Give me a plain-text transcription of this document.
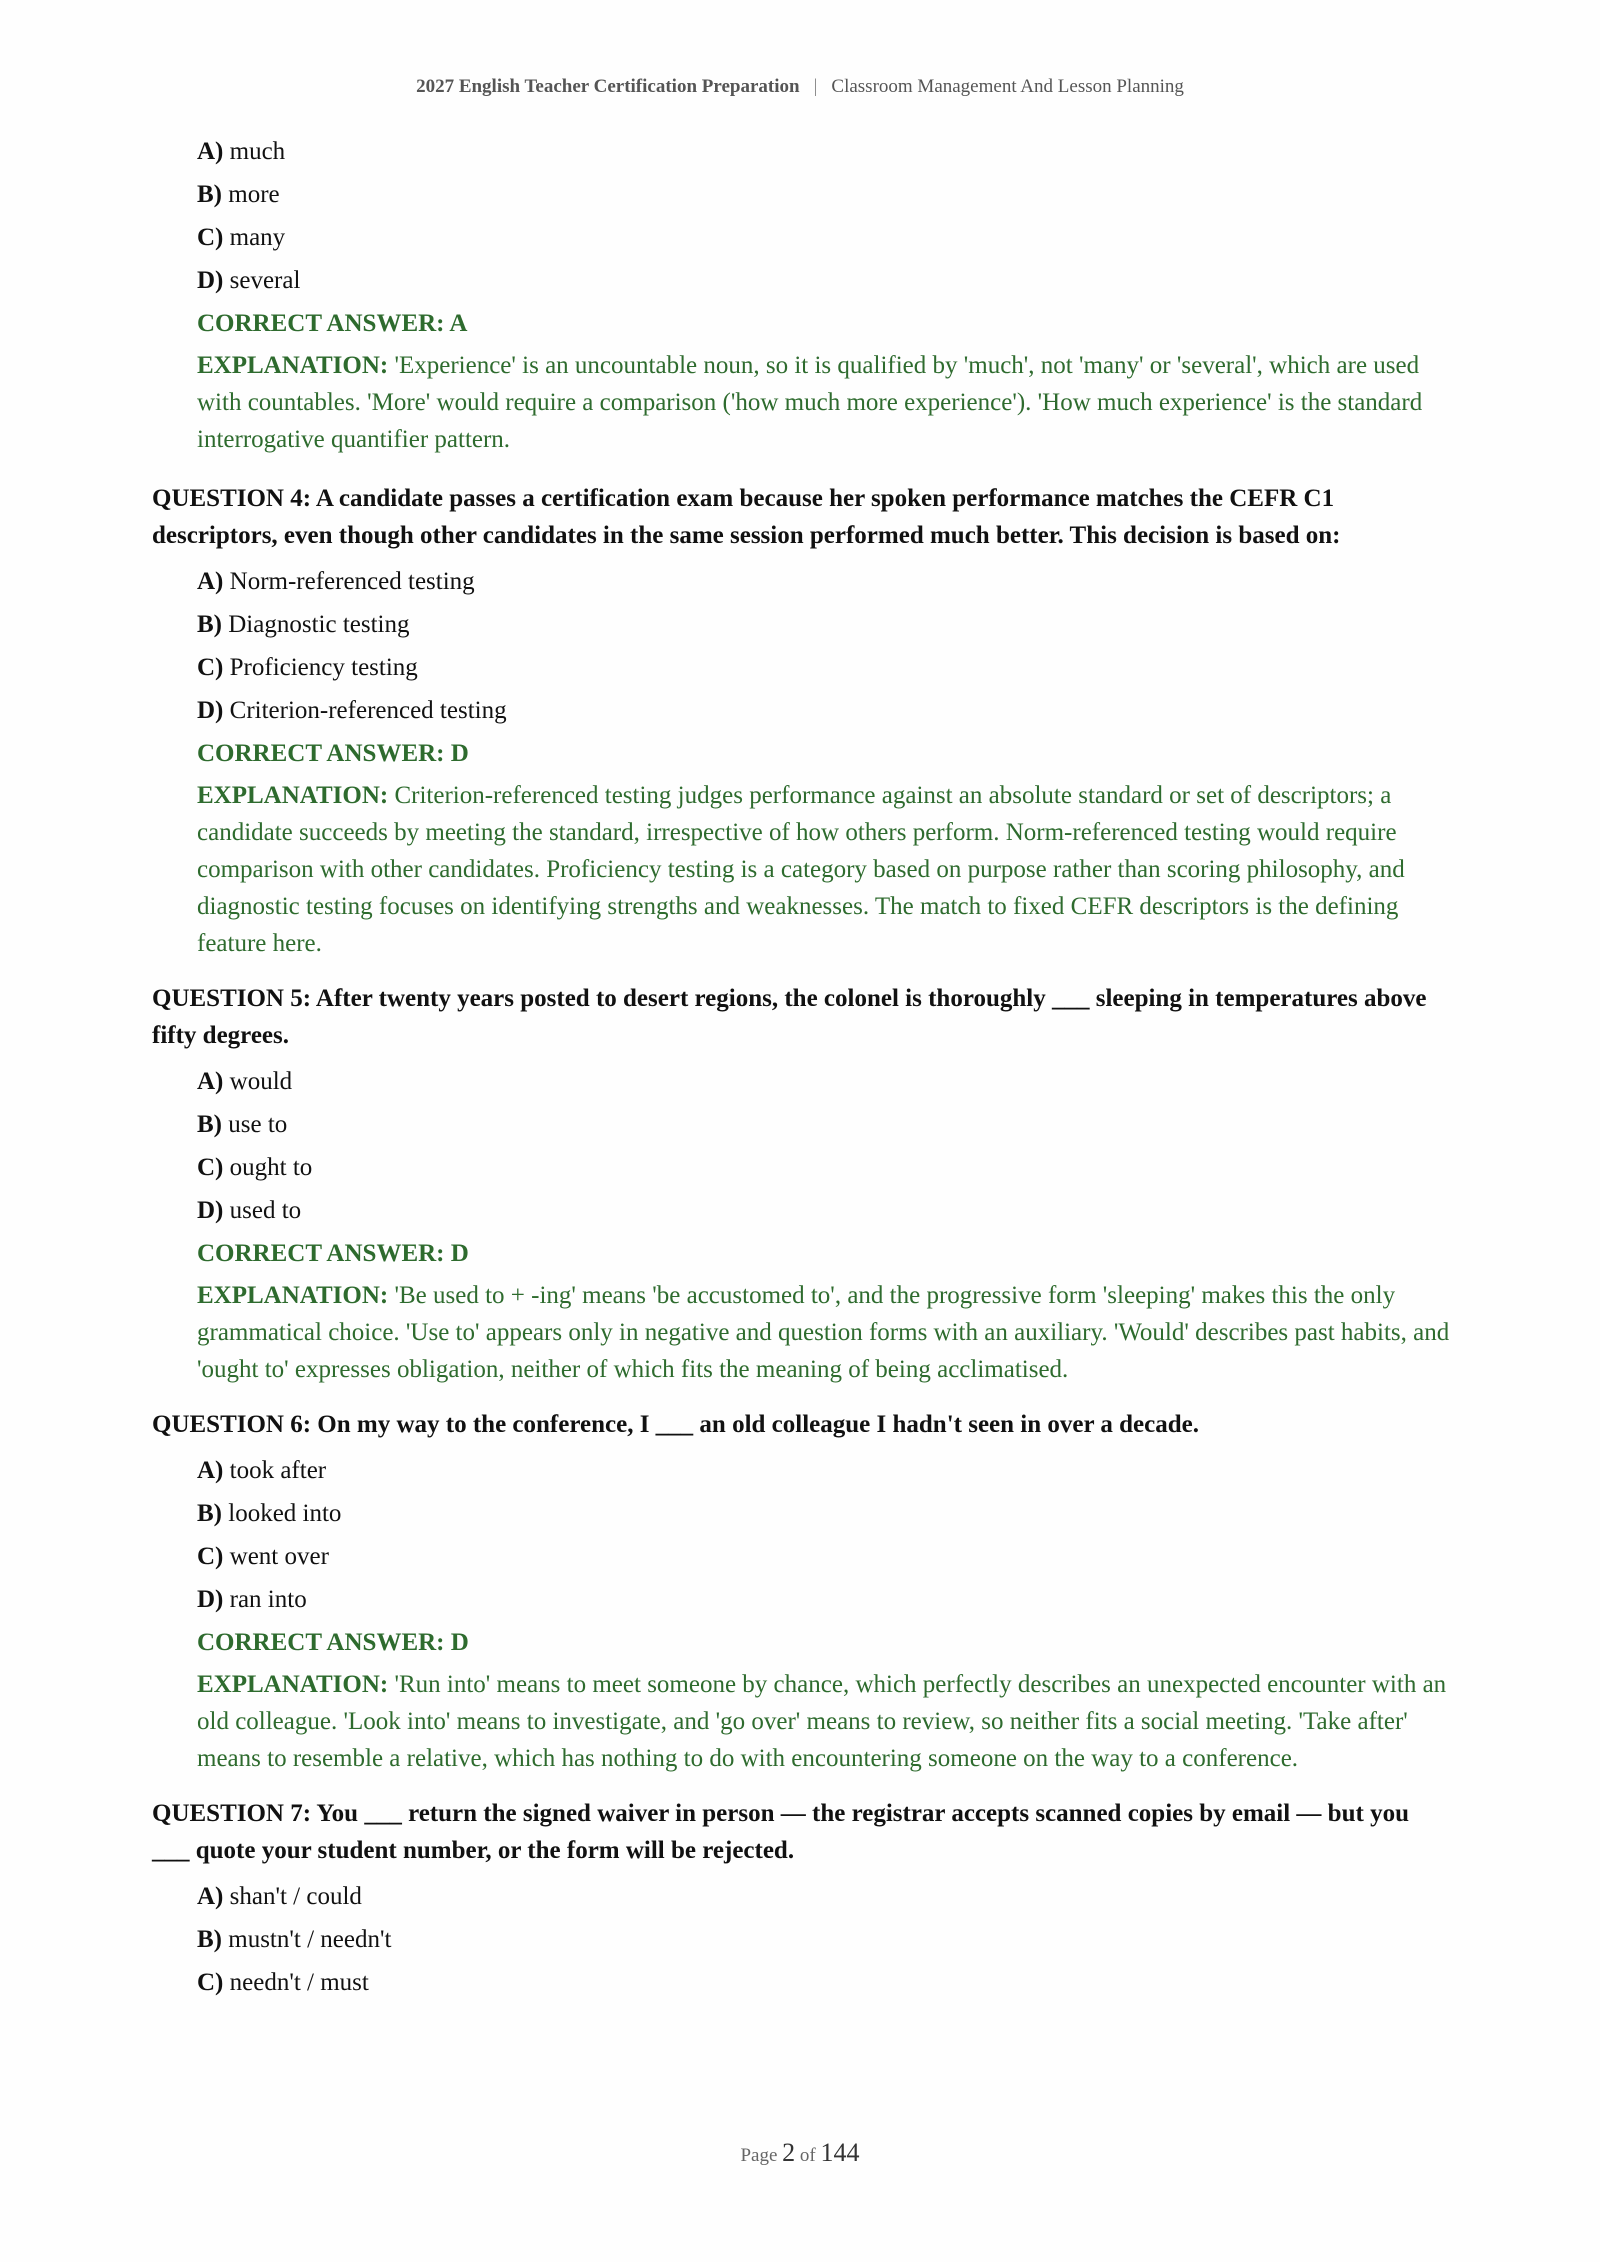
2027 English Teacher Certification Preparation | Classroom Management And Lesson Planning
A) much
B) more
C) many
D) several
CORRECT ANSWER: A
EXPLANATION: 'Experience' is an uncountable noun, so it is qualified by 'much', not 'many' or 'several', which are used with countables. 'More' would require a comparison ('how much more experience'). 'How much experience' is the standard interrogative quantifier pattern.
QUESTION 4: A candidate passes a certification exam because her spoken performance matches the CEFR C1 descriptors, even though other candidates in the same session performed much better. This decision is based on:
A) Norm-referenced testing
B) Diagnostic testing
C) Proficiency testing
D) Criterion-referenced testing
CORRECT ANSWER: D
EXPLANATION: Criterion-referenced testing judges performance against an absolute standard or set of descriptors; a candidate succeeds by meeting the standard, irrespective of how others perform. Norm-referenced testing would require comparison with other candidates. Proficiency testing is a category based on purpose rather than scoring philosophy, and diagnostic testing focuses on identifying strengths and weaknesses. The match to fixed CEFR descriptors is the defining feature here.
QUESTION 5: After twenty years posted to desert regions, the colonel is thoroughly ___ sleeping in temperatures above fifty degrees.
A) would
B) use to
C) ought to
D) used to
CORRECT ANSWER: D
EXPLANATION: 'Be used to + -ing' means 'be accustomed to', and the progressive form 'sleeping' makes this the only grammatical choice. 'Use to' appears only in negative and question forms with an auxiliary. 'Would' describes past habits, and 'ought to' expresses obligation, neither of which fits the meaning of being acclimatised.
QUESTION 6: On my way to the conference, I ___ an old colleague I hadn't seen in over a decade.
A) took after
B) looked into
C) went over
D) ran into
CORRECT ANSWER: D
EXPLANATION: 'Run into' means to meet someone by chance, which perfectly describes an unexpected encounter with an old colleague. 'Look into' means to investigate, and 'go over' means to review, so neither fits a social meeting. 'Take after' means to resemble a relative, which has nothing to do with encountering someone on the way to a conference.
QUESTION 7: You ___ return the signed waiver in person — the registrar accepts scanned copies by email — but you ___ quote your student number, or the form will be rejected.
A) shan't / could
B) mustn't / needn't
C) needn't / must
Page 2 of 144
